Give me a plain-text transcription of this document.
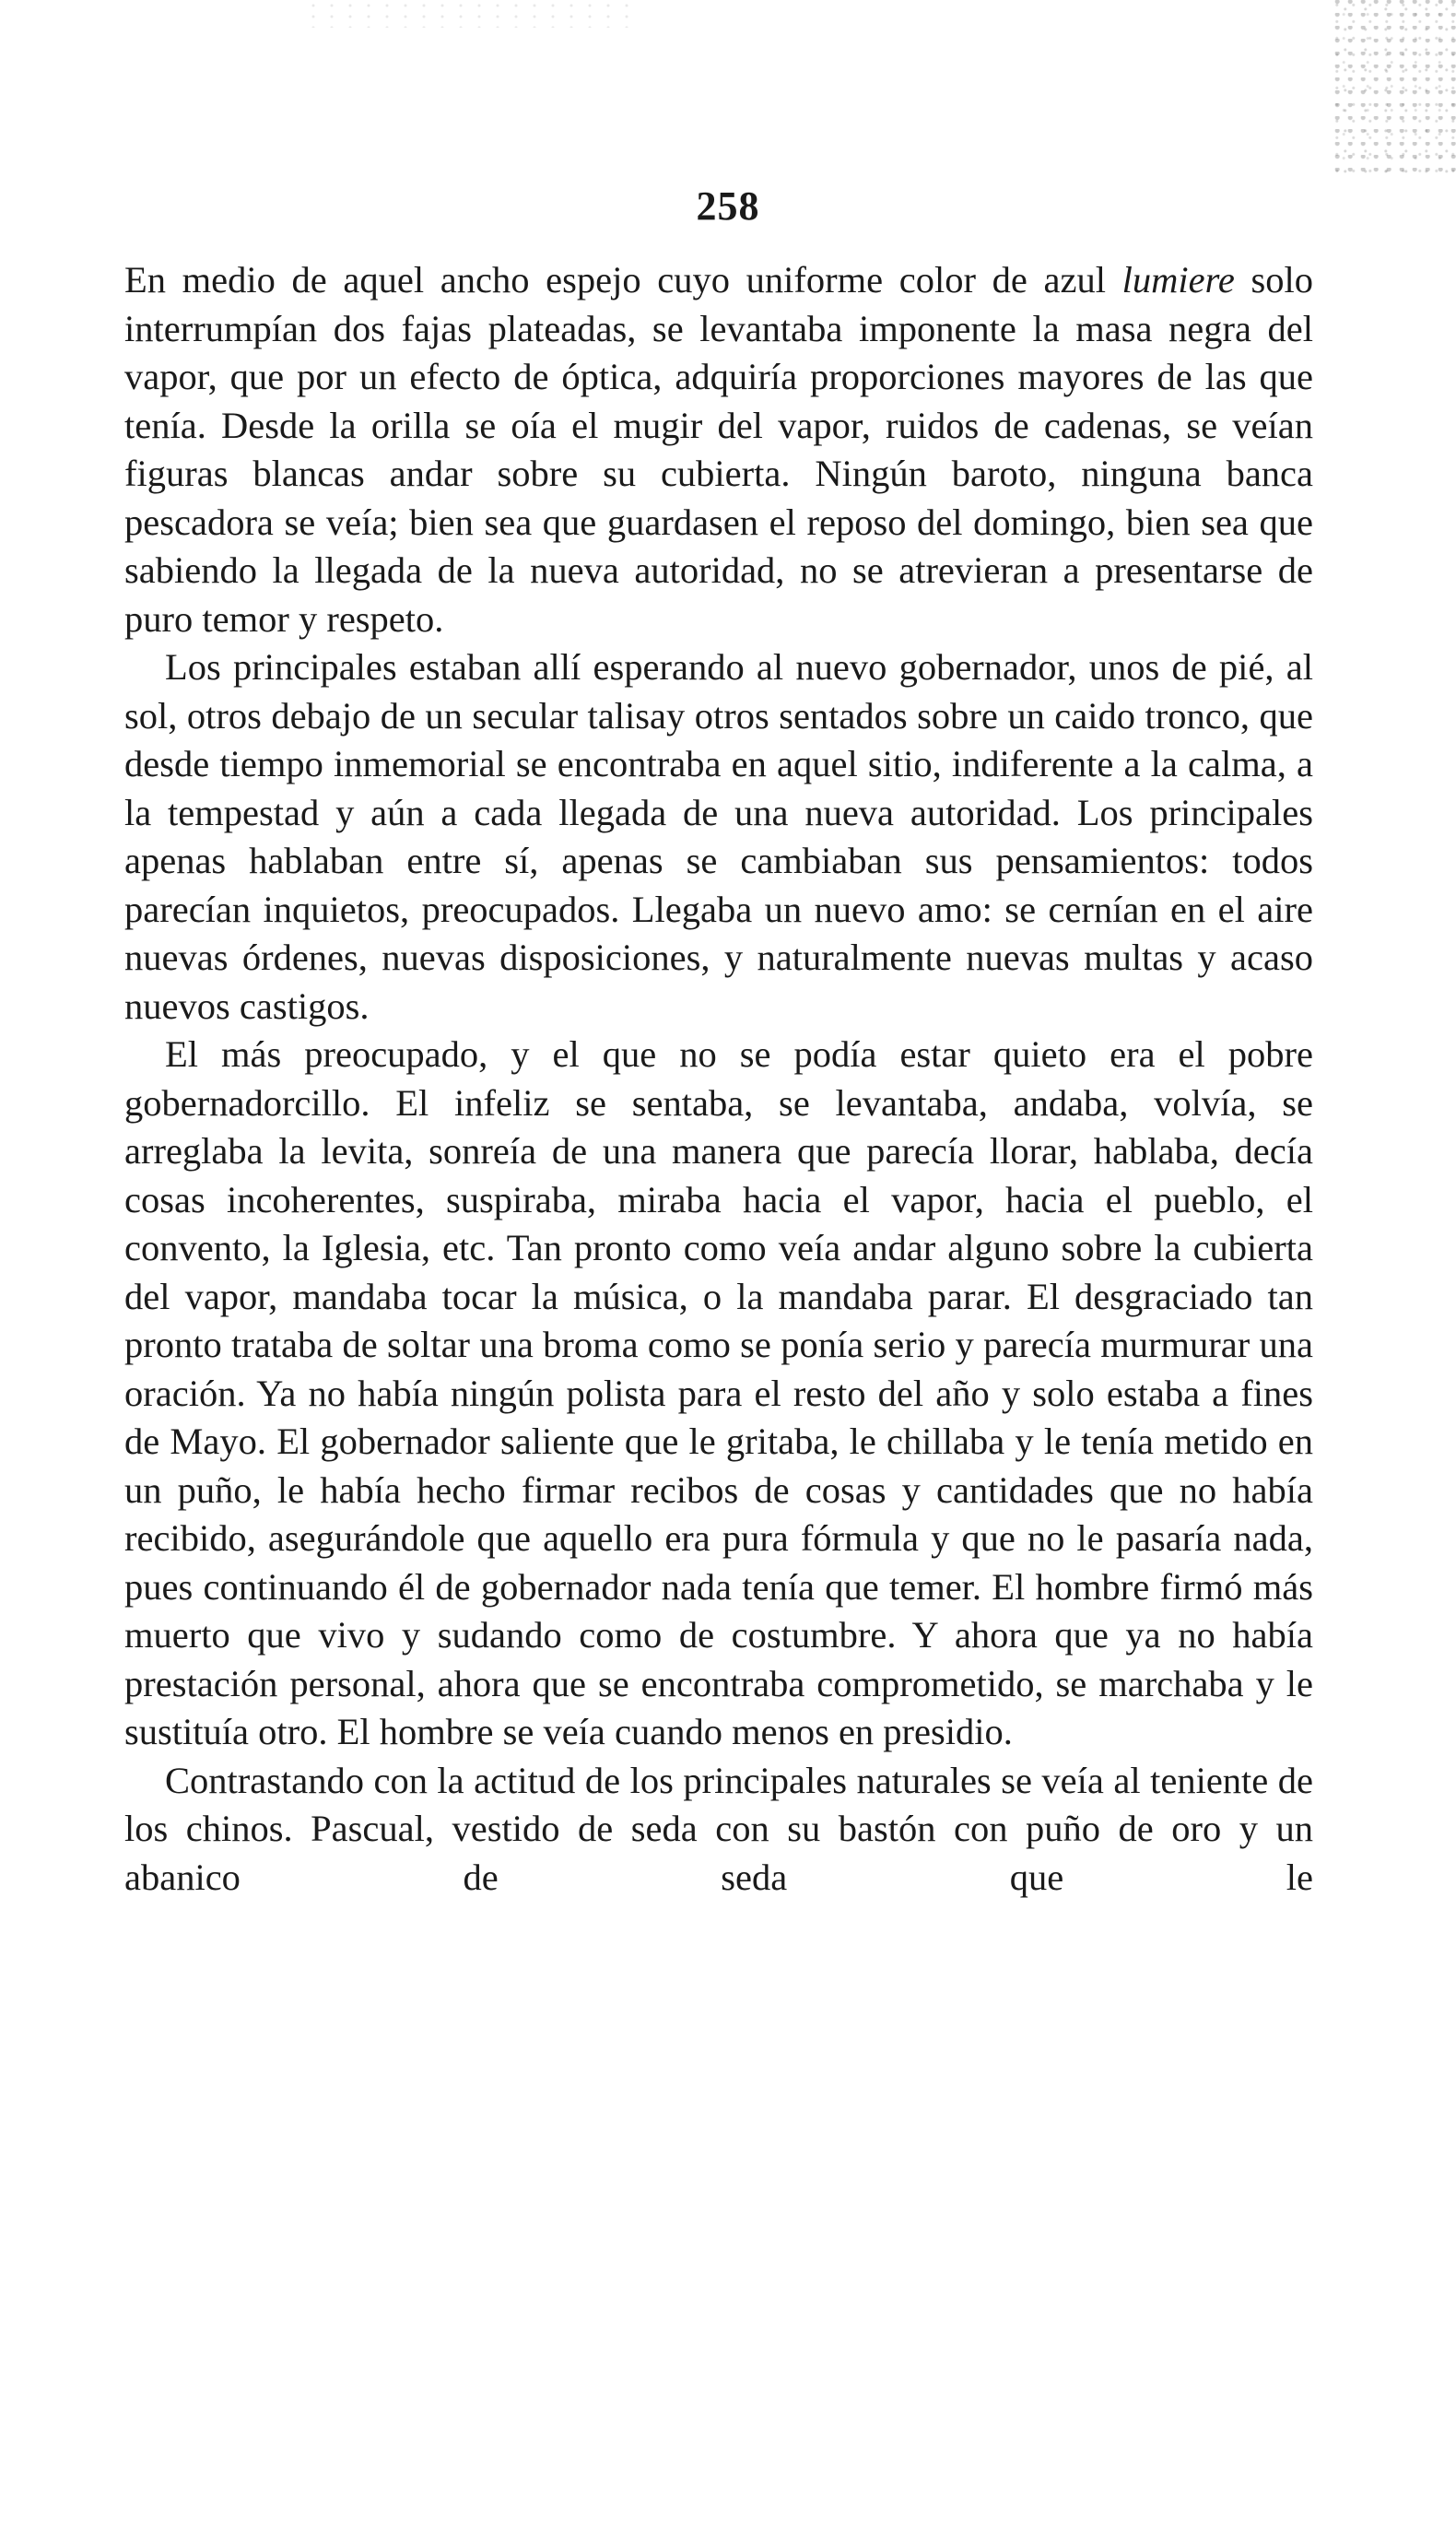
258

En medio de aquel ancho espejo cuyo uniforme color de azul lumiere solo interrumpían dos fajas plateadas, se levantaba imponente la masa negra del vapor, que por un efecto de óptica, adquiría proporciones mayores de las que tenía. Desde la orilla se oía el mugir del vapor, ruidos de cadenas, se veían figuras blancas andar sobre su cubierta. Ningún baroto, ninguna banca pescadora se veía; bien sea que guardasen el reposo del domingo, bien sea que sabiendo la llegada de la nueva autoridad, no se atrevieran a presentarse de puro temor y respeto.

Los principales estaban allí esperando al nuevo gobernador, unos de pié, al sol, otros debajo de un secular talisay otros sentados sobre un caido tronco, que desde tiempo inmemorial se encontraba en aquel sitio, indiferente a la calma, a la tempestad y aún a cada llegada de una nueva autoridad. Los principales apenas hablaban entre sí, apenas se cambiaban sus pensamientos: todos parecían inquietos, preocupados. Llegaba un nuevo amo: se cernían en el aire nuevas órdenes, nuevas disposiciones, y naturalmente nuevas multas y acaso nuevos castigos.

El más preocupado, y el que no se podía estar quieto era el pobre gobernadorcillo. El infeliz se sentaba, se levantaba, andaba, volvía, se arreglaba la levita, sonreía de una manera que parecía llorar, hablaba, decía cosas incoherentes, suspiraba, miraba hacia el vapor, hacia el pueblo, el convento, la Iglesia, etc. Tan pronto como veía andar alguno sobre la cubierta del vapor, mandaba tocar la música, o la mandaba parar. El desgraciado tan pronto trataba de soltar una broma como se ponía serio y parecía murmurar una oración. Ya no había ningún polista para el resto del año y solo estaba a fines de Mayo. El gobernador saliente que le gritaba, le chillaba y le tenía metido en un puño, le había hecho firmar recibos de cosas y cantidades que no había recibido, asegurándole que aquello era pura fórmula y que no le pasaría nada, pues continuando él de gobernador nada tenía que temer. El hombre firmó más muerto que vivo y sudando como de costumbre. Y ahora que ya no había prestación personal, ahora que se encontraba comprometido, se marchaba y le sustituía otro. El hombre se veía cuando menos en presidio.

Contrastando con la actitud de los principales naturales se veía al teniente de los chinos. Pascual, vestido de seda con su bastón con puño de oro y un abanico de seda que le
